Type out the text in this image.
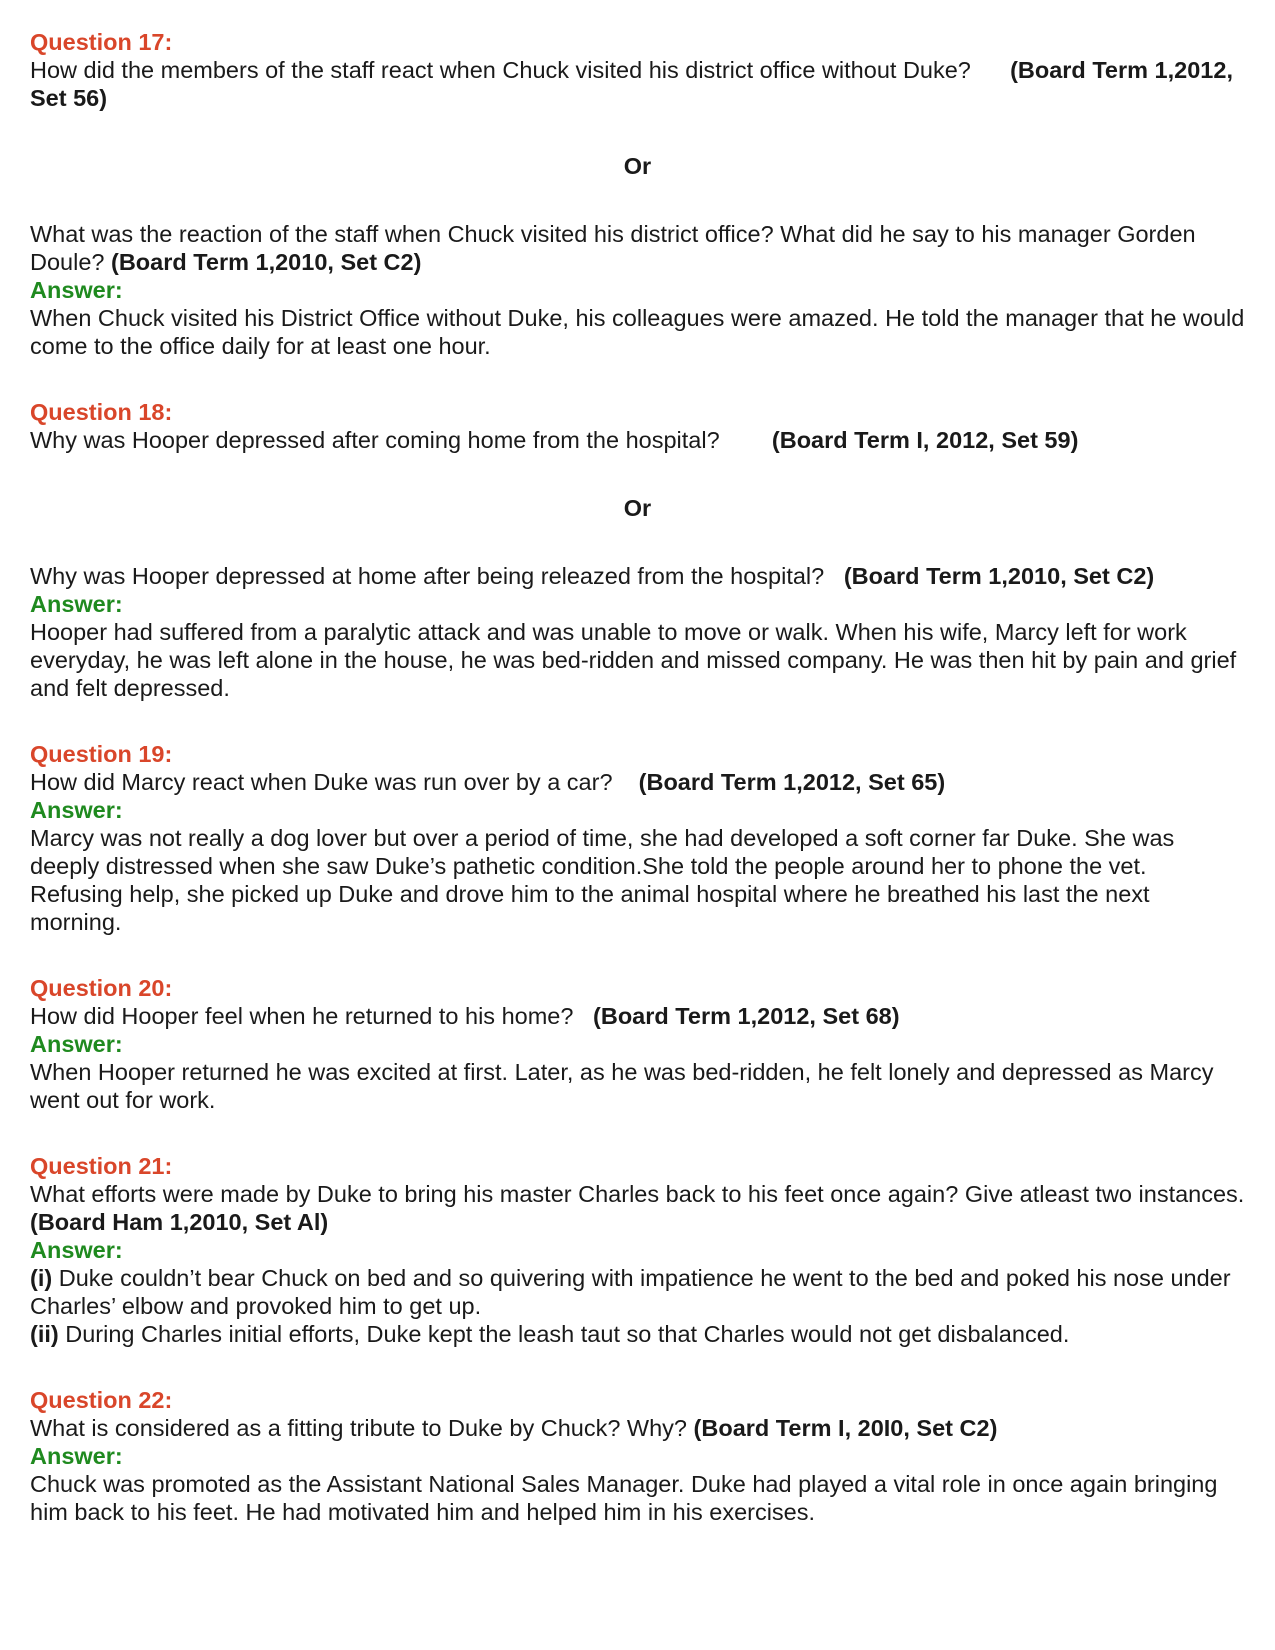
Question 17:

How did the members of the staff react when Chuck visited his district office without Duke? (Board Term 1,2012, Set 56)

Or

What was the reaction of the staff when Chuck visited his district office? What did he say to his manager Gorden Doule? (Board Term 1,2010, Set C2)

Answer:

When Chuck visited his District Office without Duke, his colleagues were amazed. He told the manager that he would come to the office daily for at least one hour.

Question 18:

Why was Hooper depressed after coming home from the hospital? (Board Term I, 2012, Set 59)

Or

Why was Hooper depressed at home after being releazed from the hospital? (Board Term 1,2010, Set C2)

Answer:

Hooper had suffered from a paralytic attack and was unable to move or walk. When his wife, Marcy left for work everyday, he was left alone in the house, he was bed-ridden and missed company. He was then hit by pain and grief and felt depressed.

Question 19:

How did Marcy react when Duke was run over by a car? (Board Term 1,2012, Set 65)

Answer:

Marcy was not really a dog lover but over a period of time, she had developed a soft corner far Duke. She was deeply distressed when she saw Duke’s pathetic condition.She told the people around her to phone the vet. Refusing help, she picked up Duke and drove him to the animal hospital where he breathed his last the next morning.

Question 20:

How did Hooper feel when he returned to his home? (Board Term 1,2012, Set 68)

Answer:

When Hooper returned he was excited at first. Later, as he was bed-ridden, he felt lonely and depressed as Marcy went out for work.

Question 21:

What efforts were made by Duke to bring his master Charles back to his feet once again? Give atleast two instances. (Board Ham 1,2010, Set Al)

Answer:

(i) Duke couldn’t bear Chuck on bed and so quivering with impatience he went to the bed and poked his nose under Charles’ elbow and provoked him to get up.

(ii) During Charles initial efforts, Duke kept the leash taut so that Charles would not get disbalanced.

Question 22:

What is considered as a fitting tribute to Duke by Chuck? Why? (Board Term I, 20I0, Set C2)

Answer:

Chuck was promoted as the Assistant National Sales Manager. Duke had played a vital role in once again bringing him back to his feet. He had motivated him and helped him in his exercises.
